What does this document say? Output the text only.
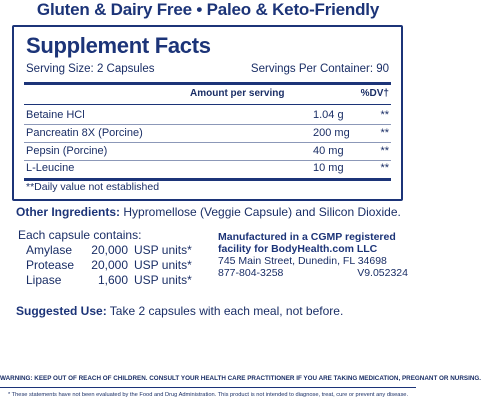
Gluten & Dairy Free • Paleo & Keto-Friendly
Supplement Facts
Serving Size: 2 Capsules	Servings Per Container: 90
Amount per serving	%DV†
Betaine HCl	1.04 g	**
Pancreatin 8X (Porcine)	200 mg	**
Pepsin (Porcine)	40 mg	**
L-Leucine	10 mg	**
**Daily value not established
Other Ingredients: Hypromellose (Veggie Capsule) and Silicon Dioxide.
Each capsule contains:
Amylase 20,000 USP units*
Protease 20,000 USP units*
Lipase	1,600 USP units*
Manufactured in a CGMP registered
facility for BodyHealth.com LLC
745 Main Street, Dunedin, FL 34698
877-804-3258	V9.052324
Suggested Use: Take 2 capsules with each meal, not before.
WARNING: KEEP OUT OF REACH OF CHILDREN. CONSULT YOUR HEALTH CARE PRACTITIONER IF YOU ARE TAKING MEDICATION, PREGNANT OR NURSING.
* These statements have not been evaluated by the Food and Drug Administration. This product is not intended to diagnose, treat, cure or prevent any disease.
